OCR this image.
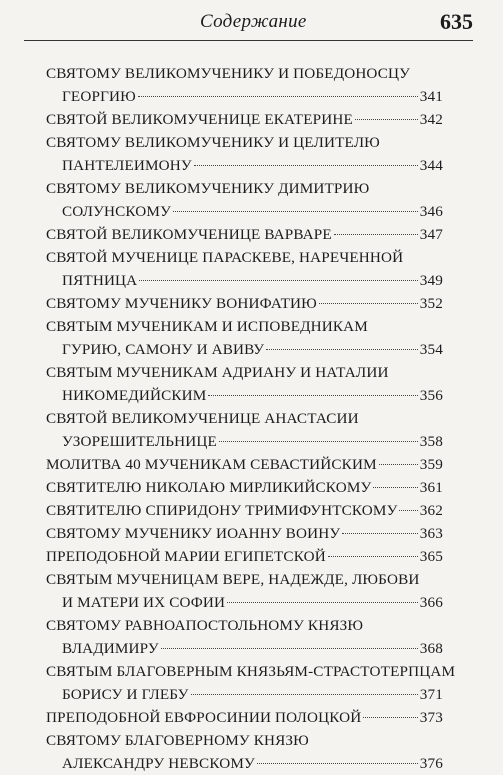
Содержание	635
СВЯТОМУ ВЕЛИКОМУЧЕНИКУ И ПОБЕДОНОСЦУ
ГЕОРГИЮ	341
СВЯТОЙ ВЕЛИКОМУЧЕНИЦЕ ЕКАТЕРИНЕ	342
СВЯТОМУ ВЕЛИКОМУЧЕНИКУ И ЦЕЛИТЕЛЮ
ПАНТЕЛЕИМОНУ	344
СВЯТОМУ ВЕЛИКОМУЧЕНИКУ ДИМИТРИЮ
СОЛУНСКОМУ	346
СВЯТОЙ ВЕЛИКОМУЧЕНИЦЕ ВАРВАРЕ	347
СВЯТОЙ МУЧЕНИЦЕ ПАРАСКЕВЕ, НАРЕЧЕННОЙ
ПЯТНИЦА	349
СВЯТОМУ МУЧЕНИКУ ВОНИФАТИЮ	352
СВЯТЫМ МУЧЕНИКАМ И ИСПОВЕДНИКАМ
ГУРИЮ, САМОНУ И АВИВУ	354
СВЯТЫМ МУЧЕНИКАМ АДРИАНУ И НАТАЛИИ
НИКОМЕДИЙСКИМ	356
СВЯТОЙ ВЕЛИКОМУЧЕНИЦЕ АНАСТАСИИ
УЗОРЕШИТЕЛЬНИЦЕ	358
МОЛИТВА 40 МУЧЕНИКАМ СЕВАСТИЙСКИМ	359
СВЯТИТЕЛЮ НИКОЛАЮ МИРЛИКИЙСКОМУ	361
СВЯТИТЕЛЮ СПИРИДОНУ ТРИМИФУНТСКОМУ 362
СВЯТОМУ МУЧЕНИКУ ИОАННУ ВОИНУ	363
ПРЕПОДОБНОЙ МАРИИ ЕГИПЕТСКОЙ	365
СВЯТЫМ МУЧЕНИЦАМ ВЕРЕ, НАДЕЖДЕ, ЛЮБОВИ
И МАТЕРИ ИХ СОФИИ	366
СВЯТОМУ РАВНОАПОСТОЛЬНОМУ КНЯЗЮ
ВЛАДИМИРУ	368
СВЯТЫМ БЛАГОВЕРНЫМ КНЯЗЬЯМ-СТРАСТОТЕРПЦАМ
БОРИСУ И ГЛЕБУ	371
ПРЕПОДОБНОЙ ЕВФРОСИНИИ ПОЛОЦКОЙ	373
СВЯТОМУ БЛАГОВЕРНОМУ КНЯЗЮ
АЛЕКСАНДРУ НЕВСКОМУ	376
